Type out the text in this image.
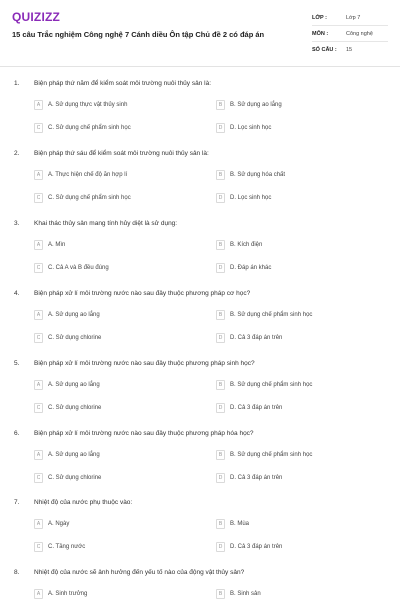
QUIZIZZ
15 câu Trắc nghiệm Công nghệ 7 Cánh diều Ôn tập Chủ đề 2 có đáp án
LỚP :	Lớp 7
MÔN :	Công nghệ
SỐ CÂU :	15
1. Biện pháp thứ năm để kiểm soát môi trường nuôi thủy sản là:
A	A. Sử dụng thực vật thủy sinh	B	B. Sử dụng ao lắng
C	C. Sử dụng chế phẩm sinh học	D	D. Lọc sinh học
2. Biện pháp thứ sáu để kiểm soát môi trường nuôi thủy sản là:
A	A. Thực hiện chế độ ăn hợp lí	B	B. Sử dụng hóa chất
C	C. Sử dụng chế phẩm sinh học	D	D. Lọc sinh học
3. Khai thác thủy sản mang tính hủy diệt là sử dụng:
A	A. Mìn	B	B. Kích điện
C	C. Cả A và B đều đúng	D	D. Đáp án khác
4. Biện pháp xử lí môi trường nước nào sau đây thuộc phương pháp cơ học?
A	A. Sử dụng ao lắng	B	B. Sử dụng chế phẩm sinh học
C	C. Sử dụng chlorine	D	D. Cả 3 đáp án trên
5. Biện pháp xử lí môi trường nước nào sau đây thuộc phương pháp sinh học?
A	A. Sử dụng ao lắng	B	B. Sử dụng chế phẩm sinh học
C	C. Sử dụng chlorine	D	D. Cả 3 đáp án trên
6. Biện pháp xử lí môi trường nước nào sau đây thuộc phương pháp hóa học?
A	A. Sử dụng ao lắng	B	B. Sử dụng chế phẩm sinh học
C	C. Sử dụng chlorine	D	D. Cả 3 đáp án trên
7. Nhiệt độ của nước phụ thuộc vào:
A	A. Ngày	B	B. Mùa
C	C. Tầng nước	D	D. Cả 3 đáp án trên
8. Nhiệt độ của nước sẽ ảnh hưởng đến yếu tố nào của động vật thủy sản?
A	A. Sinh trưởng	B	B. Sinh sản
